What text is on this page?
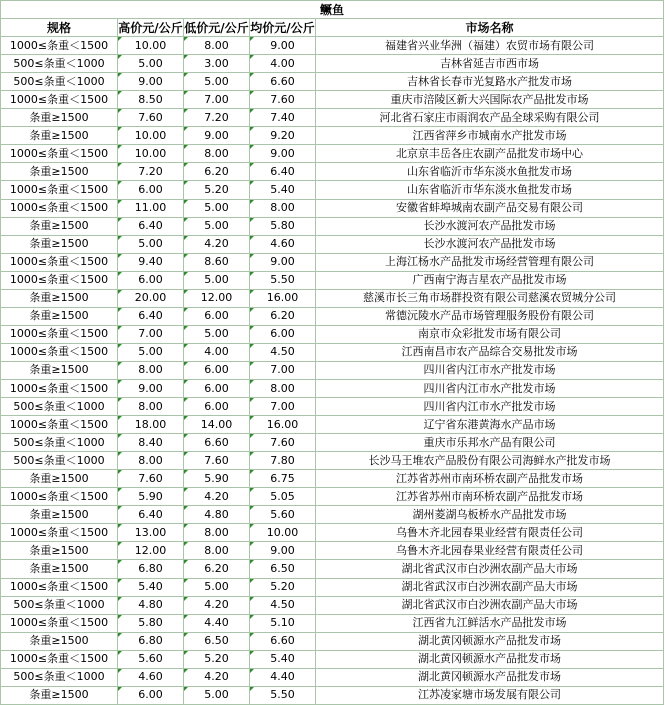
鳜鱼				
规格	高价元/公斤	低价元/公斤	均价元/公斤	市场名称
1000≤条重＜1500	10.00	8.00	9.00	福建省兴业华洲（福建）农贸市场有限公司
500≤条重＜1000	5.00	3.00	4.00	吉林省延吉市西市场
500≤条重＜1000	9.00	5.00	6.60	吉林省长春市光复路水产批发市场
1000≤条重＜1500	8.50	7.00	7.60	重庆市涪陵区新大兴国际农产品批发市场
条重≥1500	7.60	7.20	7.40	河北省石家庄市雨润农产品全球采购有限公司
条重≥1500	10.00	9.00	9.20	江西省萍乡市城南水产批发市场
1000≤条重＜1500	10.00	8.00	9.00	北京京丰岳各庄农副产品批发市场中心
条重≥1500	7.20	6.20	6.40	山东省临沂市华东淡水鱼批发市场
1000≤条重＜1500	6.00	5.20	5.40	山东省临沂市华东淡水鱼批发市场
1000≤条重＜1500	11.00	5.00	8.00	安徽省蚌埠城南农副产品交易有限公司
条重≥1500	6.40	5.00	5.80	长沙水渡河农产品批发市场
条重≥1500	5.00	4.20	4.60	长沙水渡河农产品批发市场
1000≤条重＜1500	9.40	8.60	9.00	上海江杨水产品批发市场经营管理有限公司
1000≤条重＜1500	6.00	5.00	5.50	广西南宁海吉星农产品批发市场
条重≥1500	20.00	12.00	16.00	慈溪市长三角市场群投资有限公司慈溪农贸城分公司
条重≥1500	6.40	6.00	6.20	常德沅陵水产品市场管理服务股份有限公司
1000≤条重＜1500	7.00	5.00	6.00	南京市众彩批发市场有限公司
1000≤条重＜1500	5.00	4.00	4.50	江西南昌市农产品综合交易批发市场
条重≥1500	8.00	6.00	7.00	四川省内江市水产批发市场
1000≤条重＜1500	9.00	6.00	8.00	四川省内江市水产批发市场
500≤条重＜1000	8.00	6.00	7.00	四川省内江市水产批发市场
1000≤条重＜1500	18.00	14.00	16.00	辽宁省东港黄海水产品市场
500≤条重＜1000	8.40	6.60	7.60	重庆市乐邦水产品有限公司
500≤条重＜1000	8.00	7.60	7.80	长沙马王堆农产品股份有限公司海鲜水产批发市场
条重≥1500	7.60	5.90	6.75	江苏省苏州市南环桥农副产品批发市场
1000≤条重＜1500	5.90	4.20	5.05	江苏省苏州市南环桥农副产品批发市场
条重≥1500	6.40	4.80	5.60	湖州菱湖乌板桥水产品批发市场
1000≤条重＜1500	13.00	8.00	10.00	乌鲁木齐北园春果业经营有限责任公司
条重≥1500	12.00	8.00	9.00	乌鲁木齐北园春果业经营有限责任公司
条重≥1500	6.80	6.20	6.50	湖北省武汉市白沙洲农副产品大市场
1000≤条重＜1500	5.40	5.00	5.20	湖北省武汉市白沙洲农副产品大市场
500≤条重＜1000	4.80	4.20	4.50	湖北省武汉市白沙洲农副产品大市场
1000≤条重＜1500	5.80	4.40	5.10	江西省九江鲜活水产品批发市场
条重≥1500	6.80	6.50	6.60	湖北黄冈顿源水产品批发市场
1000≤条重＜1500	5.60	5.20	5.40	湖北黄冈顿源水产品批发市场
500≤条重＜1000	4.60	4.20	4.40	湖北黄冈顿源水产品批发市场
条重≥1500	6.00	5.00	5.50	江苏凌家塘市场发展有限公司
